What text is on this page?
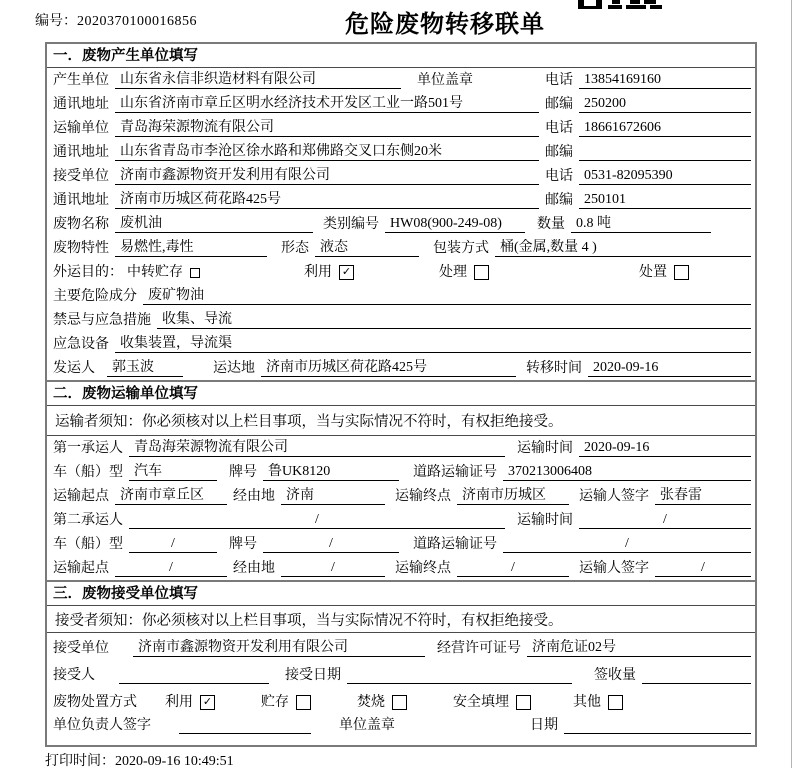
编号：2020370100016856	危险废物转移联单
一．废物产生单位填写
产生单位 山东省永信非织造材料有限公司	单位盖章	电话 13854169160
通讯地址 山东省济南市章丘区明水经济技术开发区工业一路501号	邮编 250200
运输单位 青岛海荣源物流有限公司	电话 18661672606
通讯地址 山东省青岛市李沧区徐水路和郑佛路交叉口东侧20米	邮编
接受单位 济南市鑫源物资开发利用有限公司	电话 0531-82095390
通讯地址 济南市历城区荷花路425号	邮编 250101
废物名称 废机油	类别编号 HW08(900-249-08)	数量 0.8 吨
废物特性 易燃性,毒性	形态 液态	包装方式 桶(金属,数量 4 )
外运目的： 中转贮存	利用 ✓	处理	处置
主要危险成分 废矿物油
禁忌与应急措施 收集、导流
应急设备 收集装置，导流渠
发运人	郭玉波	运达地 济南市历城区荷花路425号	转移时间 2020-09-16
二．废物运输单位填写
运输者须知：你必须核对以上栏目事项，当与实际情况不符时，有权拒绝接受。
第一承运人 青岛海荣源物流有限公司	运输时间 2020-09-16
车（船）型 汽车	牌号 鲁UK8120	道路运输证号 370213006408
运输起点 济南市章丘区	经由地 济南	运输终点 济南市历城区	运输人签字 张春雷
第二承运人	/	运输时间	/
车（船）型	/	牌号	/	道路运输证号	/
运输起点	/	经由地	/	运输终点	/	运输人签字	/
三．废物接受单位填写
接受者须知：你必须核对以上栏目事项，当与实际情况不符时，有权拒绝接受。
接受单位	济南市鑫源物资开发利用有限公司	经营许可证号 济南危证02号
接受人	接受日期	签收量
废物处置方式 利用 ✓	贮存	焚烧	安全填埋	其他
单位负责人签字	单位盖章	日期
打印时间：2020-09-16 10:49:51
